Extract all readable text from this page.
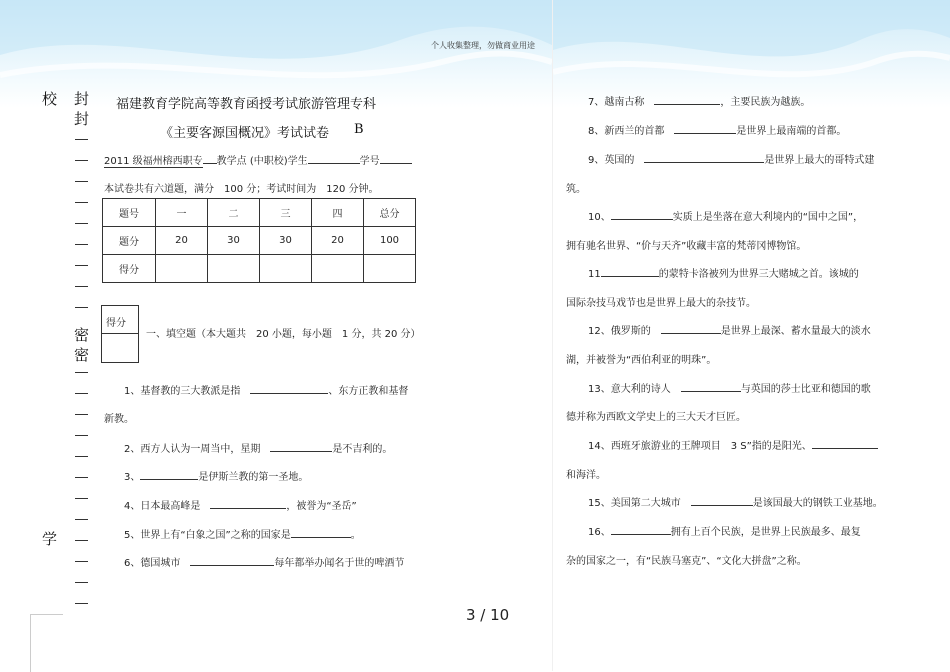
个人收集整理，勿做商业用途
校 封
封
密
密
学
福建教育学院高等教育函授考试旅游管理专科
《主要客源国概况》考试试卷 B
2011 级福州榕西职专 教学点 (中职校)学生	学号
本试卷共有六道题，满分　100 分；考试时间为　120 分钟。
题号	一	二	三	四	总分
题分	20	30	30	20	100
得分					
得分
一、填空题（本大题共　20 小题，每小题　1 分，共 20 分）
1、基督教的三大教派是指　	、东方正教和基督
新教。
2、西方人认为一周当中，星期　	是不吉利的。
3、	是伊斯兰教的第一圣地。
4、日本最高峰是　	，被誉为“圣岳”
5、世界上有“白象之国”之称的国家是	。
6、德国城市　	每年都举办闻名于世的啤酒节
7、越南古称　	，主要民族为越族。
8、新西兰的首都　	是世界上最南端的首都。
9、英国的　	是世界上最大的哥特式建
筑。
10、	实质上是坐落在意大利境内的“国中之国”，
拥有驰名世界、“价与天齐”收藏丰富的梵蒂冈博物馆。
11	的蒙特卡洛被列为世界三大赌城之首。该城的
国际杂技马戏节也是世界上最大的杂技节。
12、俄罗斯的　	是世界上最深、蓄水量最大的淡水
湖，并被誉为“西伯利亚的明珠”。
13、意大利的诗人　	与英国的莎士比亚和德国的歌
德并称为西欧文学史上的三大天才巨匠。
14、西班牙旅游业的王牌项目　3 S”指的是阳光、
和海洋。
15、美国第二大城市　	是该国最大的钢铁工业基地。
16、	拥有上百个民族，是世界上民族最多、最复
杂的国家之一，有“民族马塞克”、“文化大拼盘”之称。
3 / 10
